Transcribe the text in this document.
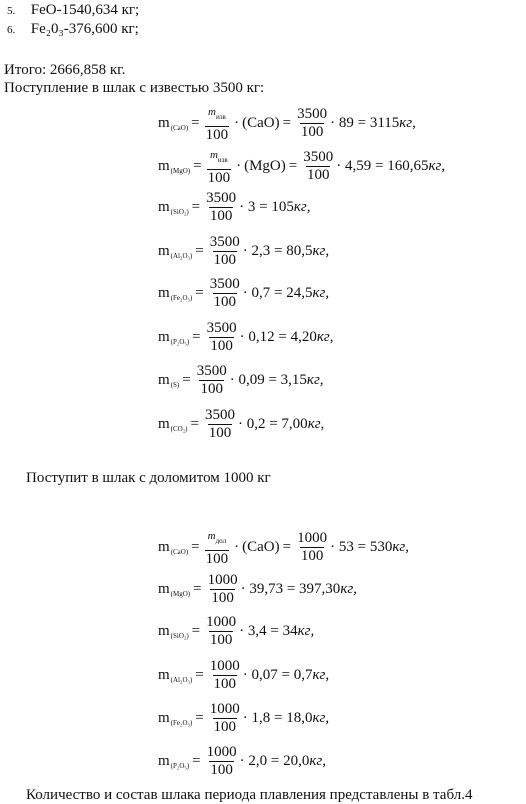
5. FeO-1540,634 кг;
6. Fe₂0₃-376,600 кг;
Итого: 2666,858 кг.
Поступление в шлак с известью 3500 кг:
m $(CaO) = \frac{m_{изв}}{100} \cdot (CaO) = \frac{3500}{100} \cdot 89 = 3115кг$,
m $(MgO) = \frac{m_{изв}}{100} \cdot (MgO) = \frac{3500}{100} \cdot 4,59 = 160,65кг$,
m $(SiO_2) = \frac{3500}{100} \cdot 3 = 105кг$,
m $(Al_2O_3) = \frac{3500}{100} \cdot 2,3 = 80,5кг$,
m $(Fe_2O_3) = \frac{3500}{100} \cdot 0,7 = 24,5кг$,
m $(P_2O_5) = \frac{3500}{100} \cdot 0,12 = 4,20кг$,
m $(S) = \frac{3500}{100} \cdot 0,09 = 3,15кг$,
m $(CO_2) = \frac{3500}{100} \cdot 0,2 = 7,00кг$,
Поступит в шлак с доломитом 1000 кг
m $(CaO) = \frac{m_{дол}}{100} \cdot (CaO) = \frac{1000}{100} \cdot 53 = 530кг$,
m $(MgO) = \frac{1000}{100} \cdot 39,73 = 397,30кг$,
m $(SiO_2) = \frac{1000}{100} \cdot 3,4 = 34кг$,
m $(Al_2O_3) = \frac{1000}{100} \cdot 0,07 = 0,7кг$,
m $(Fe_2O_3) = \frac{1000}{100} \cdot 1,8 = 18,0кг$,
m $(P_2O_5) = \frac{1000}{100} \cdot 2,0 = 20,0кг$,
Количество и состав шлака периода плавления представлены в табл.4
